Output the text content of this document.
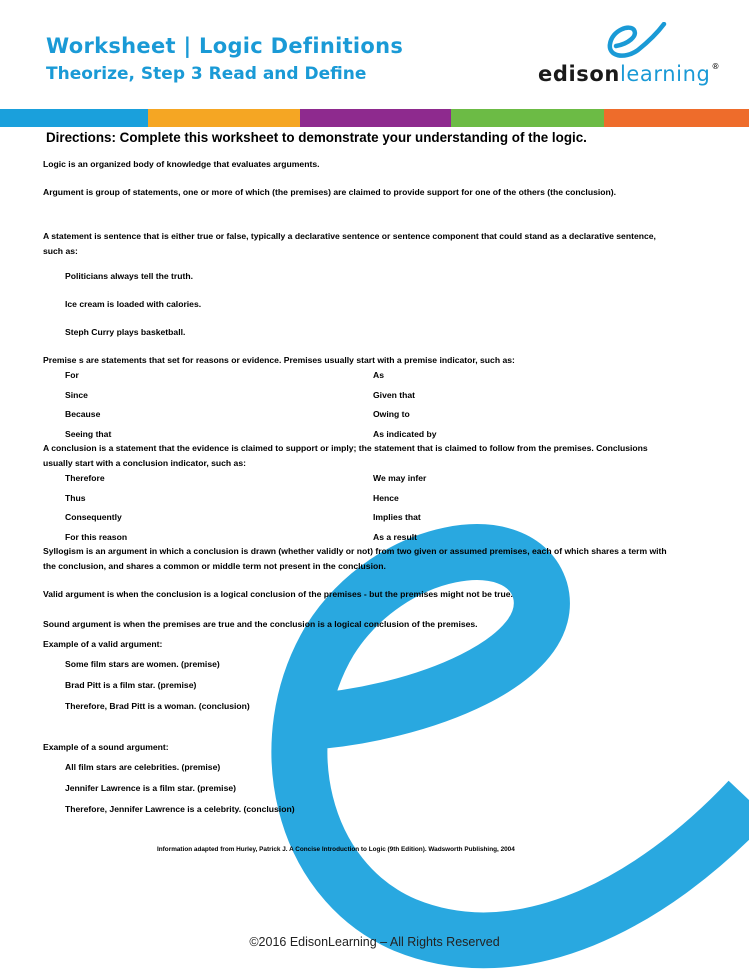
Worksheet | Logic Definitions
Theorize, Step 3 Read and Define	edisonlearning®
Directions: Complete this worksheet to demonstrate your understanding of the logic.
Logic is an organized body of knowledge that evaluates arguments.
Argument is group of statements, one or more of which (the premises) are claimed to provide support for one of the others (the conclusion).
A statement is sentence that is either true or false, typically a declarative sentence or sentence component that could stand as a declarative sentence, such as:
Politicians always tell the truth.
Ice cream is loaded with calories.
Steph Curry plays basketball.
Premise s are statements that set for reasons or evidence. Premises usually start with a premise indicator, such as:
For
Since
Because
Seeing that
As
Given that
Owing to
As indicated by
A conclusion is a statement that the evidence is claimed to support or imply; the statement that is claimed to follow from the premises. Conclusions usually start with a conclusion indicator, such as:
Therefore
Thus
Consequently
For this reason
We may infer
Hence
Implies that
As a result
Syllogism is an argument in which a conclusion is drawn (whether validly or not) from two given or assumed premises, each of which shares a term with the conclusion, and shares a common or middle term not present in the conclusion.
Valid argument is when the conclusion is a logical conclusion of the premises - but the premises might not be true.
Sound argument is when the premises are true and the conclusion is a logical conclusion of the premises.
Example of a valid argument:
Some film stars are women. (premise)
Brad Pitt is a film star. (premise)
Therefore, Brad Pitt is a woman. (conclusion)
Example of a sound argument:
All film stars are celebrities. (premise)
Jennifer Lawrence is a film star. (premise)
Therefore, Jennifer Lawrence is a celebrity. (conclusion)
Information adapted from Hurley, Patrick J. A Concise Introduction to Logic (9th Edition). Wadsworth Publishing, 2004
©2016 EdisonLearning – All Rights Reserved
